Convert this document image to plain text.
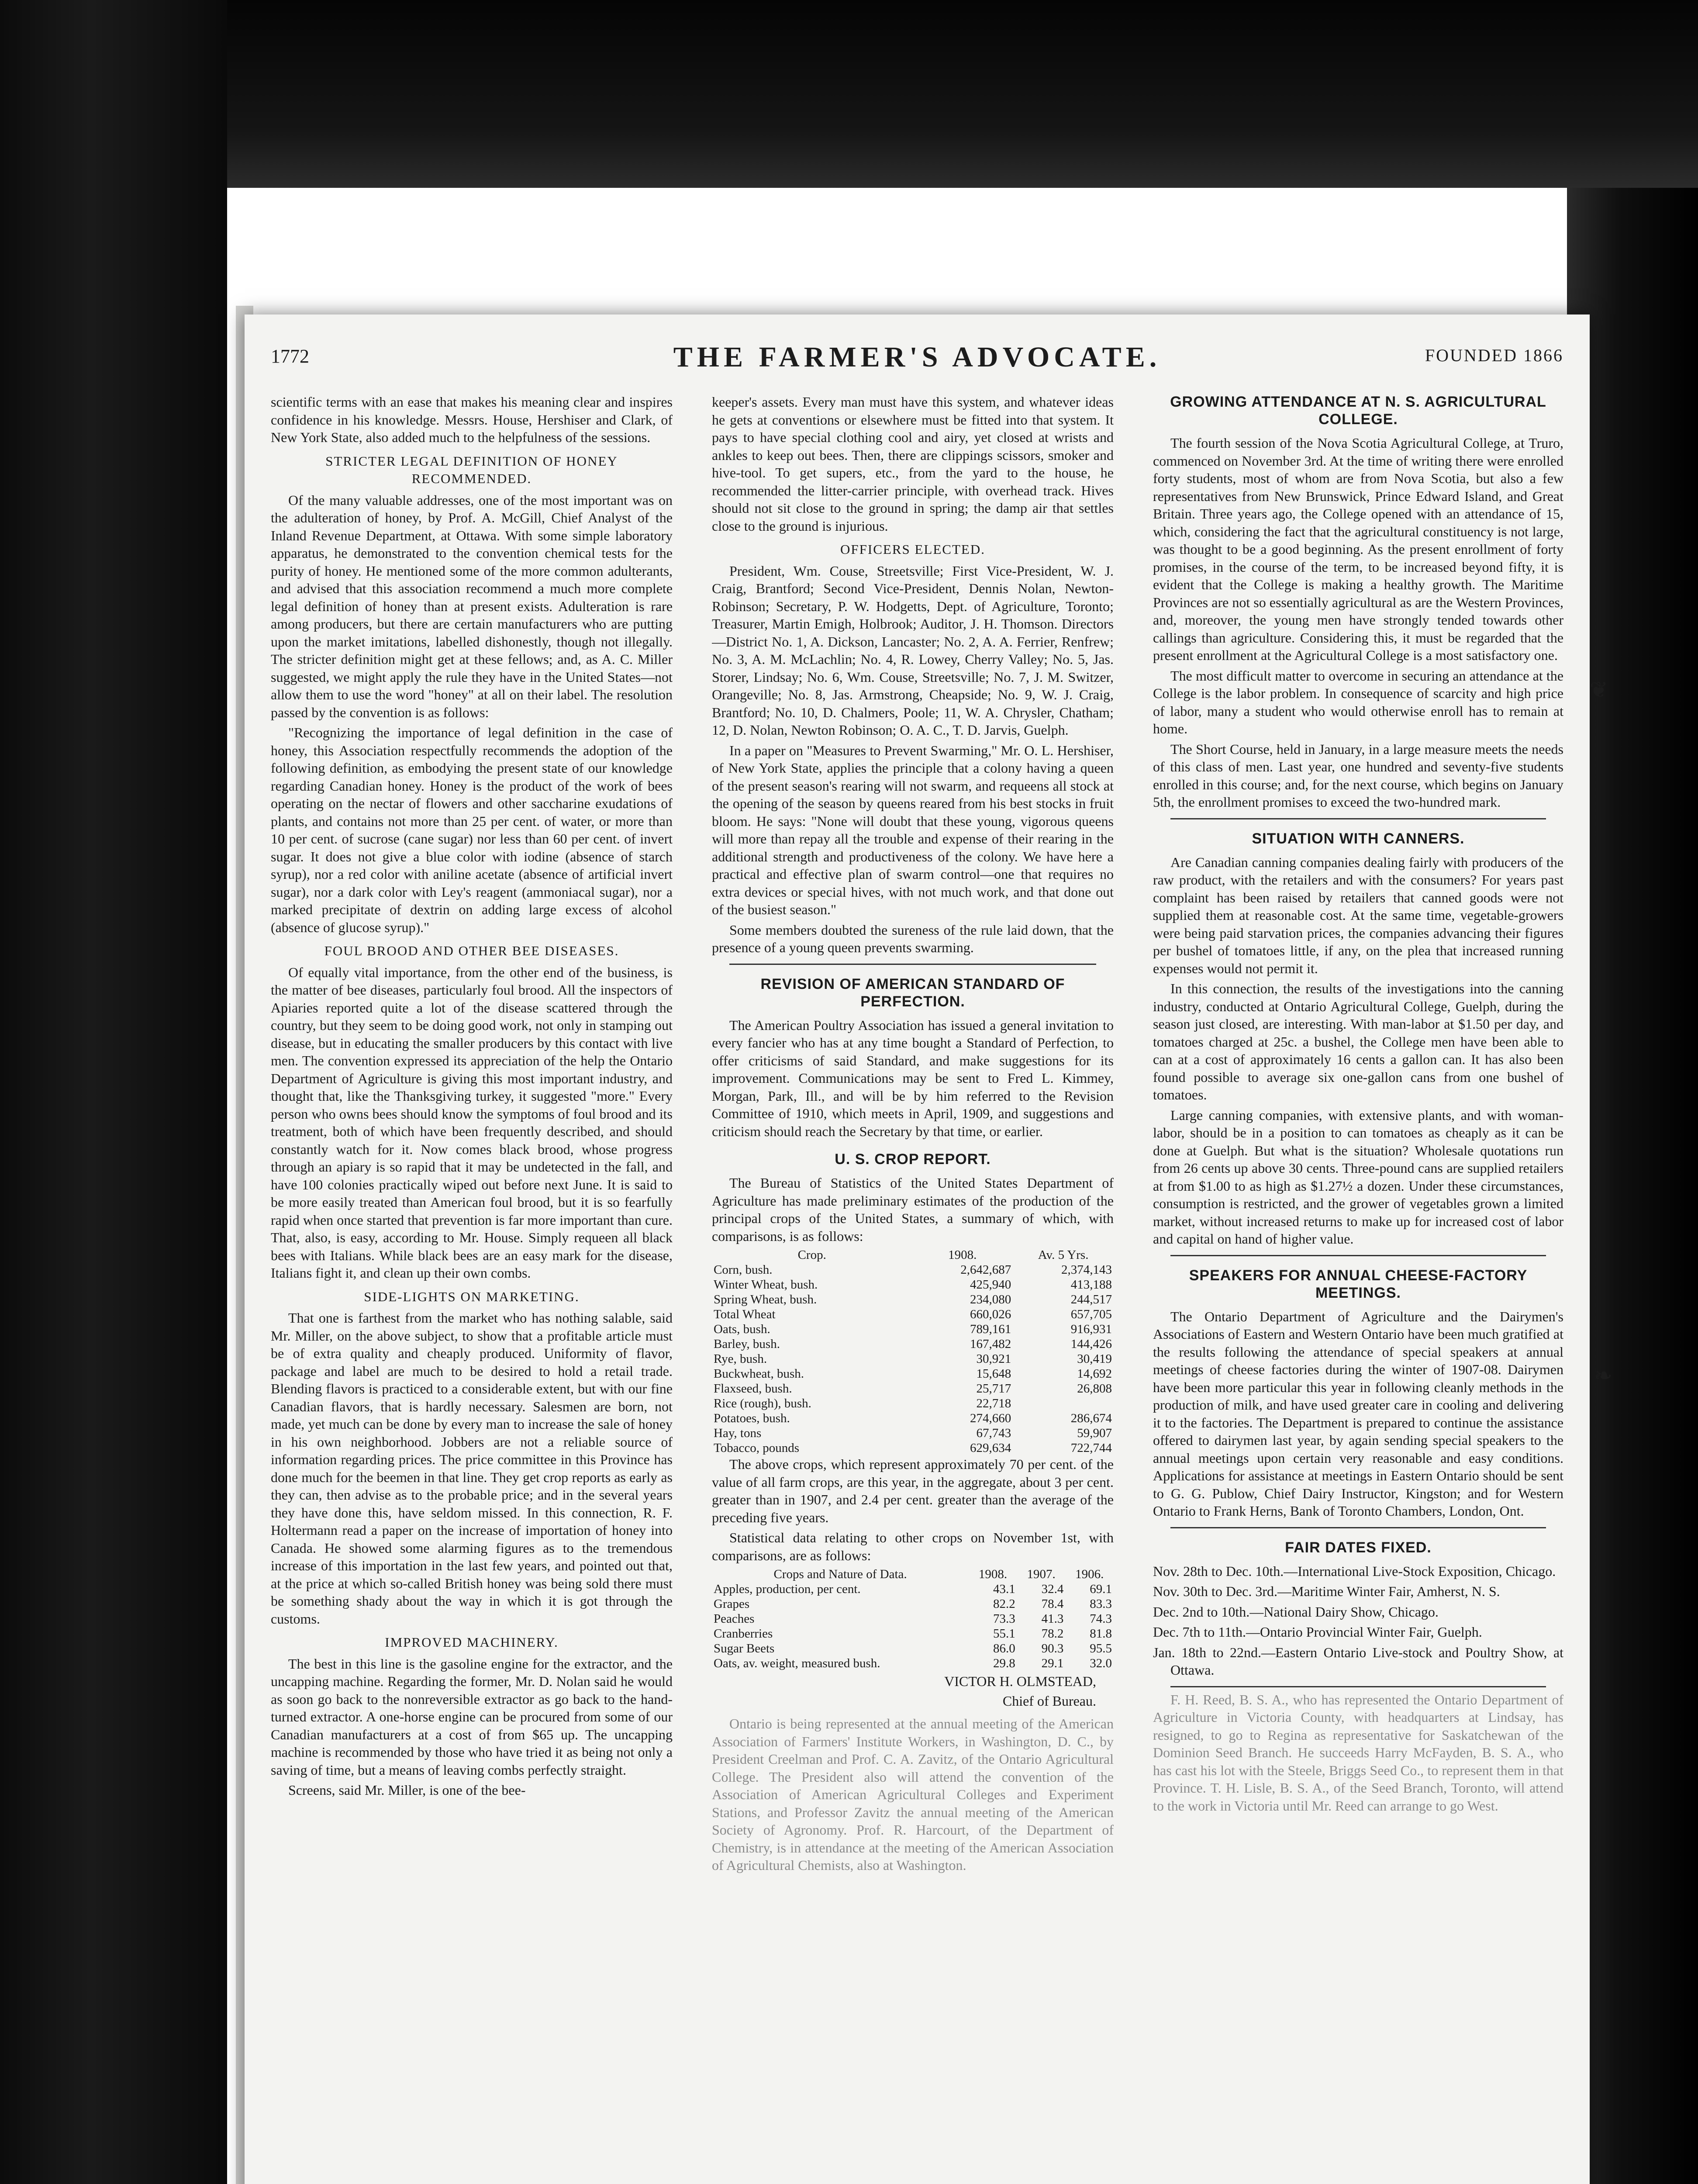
1772	THE FARMER'S ADVOCATE.	FOUNDED 1866

scientific terms with an ease that makes his meaning clear and inspires confidence in his knowledge. Messrs. House, Hershiser and Clark, of New York State, also added much to the helpfulness of the sessions.

STRICTER LEGAL DEFINITION OF HONEY RECOMMENDED.

Of the many valuable addresses, one of the most important was on the adulteration of honey, by Prof. A. McGill, Chief Analyst of the Inland Revenue Department, at Ottawa. With some simple laboratory apparatus, he demonstrated to the convention chemical tests for the purity of honey. He mentioned some of the more common adulterants, and advised that this association recommend a much more complete legal definition of honey than at present exists. Adulteration is rare among producers, but there are certain manufacturers who are putting upon the market imitations, labelled dishonestly, though not illegally. The stricter definition might get at these fellows; and, as A. C. Miller suggested, we might apply the rule they have in the United States—not allow them to use the word "honey" at all on their label. The resolution passed by the convention is as follows:

"Recognizing the importance of legal definition in the case of honey, this Association respectfully recommends the adoption of the following definition, as embodying the present state of our knowledge regarding Canadian honey. Honey is the product of the work of bees operating on the nectar of flowers and other saccharine exudations of plants, and contains not more than 25 per cent. of water, or more than 10 per cent. of sucrose (cane sugar) nor less than 60 per cent. of invert sugar. It does not give a blue color with iodine (absence of starch syrup), nor a red color with aniline acetate (absence of artificial invert sugar), nor a dark color with Ley's reagent (ammoniacal sugar), nor a marked precipitate of dextrin on adding large excess of alcohol (absence of glucose syrup)."

FOUL BROOD AND OTHER BEE DISEASES.

Of equally vital importance, from the other end of the business, is the matter of bee diseases, particularly foul brood. All the inspectors of Apiaries reported quite a lot of the disease scattered through the country, but they seem to be doing good work, not only in stamping out disease, but in educating the smaller producers by this contact with live men. The convention expressed its appreciation of the help the Ontario Department of Agriculture is giving this most important industry, and thought that, like the Thanksgiving turkey, it suggested "more." Every person who owns bees should know the symptoms of foul brood and its treatment, both of which have been frequently described, and should constantly watch for it. Now comes black brood, whose progress through an apiary is so rapid that it may be undetected in the fall, and have 100 colonies practically wiped out before next June. It is said to be more easily treated than American foul brood, but it is so fearfully rapid when once started that prevention is far more important than cure. That, also, is easy, according to Mr. House. Simply requeen all black bees with Italians. While black bees are an easy mark for the disease, Italians fight it, and clean up their own combs.

SIDE-LIGHTS ON MARKETING.

That one is farthest from the market who has nothing salable, said Mr. Miller, on the above subject, to show that a profitable article must be of extra quality and cheaply produced. Uniformity of flavor, package and label are much to be desired to hold a retail trade. Blending flavors is practiced to a considerable extent, but with our fine Canadian flavors, that is hardly necessary. Salesmen are born, not made, yet much can be done by every man to increase the sale of honey in his own neighborhood. Jobbers are not a reliable source of information regarding prices. The price committee in this Province has done much for the beemen in that line. They get crop reports as early as they can, then advise as to the probable price; and in the several years they have done this, have seldom missed. In this connection, R. F. Holtermann read a paper on the increase of importation of honey into Canada. He showed some alarming figures as to the tremendous increase of this importation in the last few years, and pointed out that, at the price at which so-called British honey was being sold there must be something shady about the way in which it is got through the customs.

IMPROVED MACHINERY.

The best in this line is the gasoline engine for the extractor, and the uncapping machine. Regarding the former, Mr. D. Nolan said he would as soon go back to the nonreversible extractor as go back to the hand-turned extractor. A one-horse engine can be procured from some of our Canadian manufacturers at a cost of from $65 up. The uncapping machine is recommended by those who have tried it as being not only a saving of time, but a means of leaving combs perfectly straight.

Screens, said Mr. Miller, is one of the bee-

keeper's assets. Every man must have this system, and whatever ideas he gets at conventions or elsewhere must be fitted into that system. It pays to have special clothing cool and airy, yet closed at wrists and ankles to keep out bees. Then, there are clippings scissors, smoker and hive-tool. To get supers, etc., from the yard to the house, he recommended the litter-carrier principle, with overhead track. Hives should not sit close to the ground in spring; the damp air that settles close to the ground is injurious.

OFFICERS ELECTED.

President, Wm. Couse, Streetsville; First Vice-President, W. J. Craig, Brantford; Second Vice-President, Dennis Nolan, Newton-Robinson; Secretary, P. W. Hodgetts, Dept. of Agriculture, Toronto; Treasurer, Martin Emigh, Holbrook; Auditor, J. H. Thomson. Directors—District No. 1, A. Dickson, Lancaster; No. 2, A. A. Ferrier, Renfrew; No. 3, A. M. McLachlin; No. 4, R. Lowey, Cherry Valley; No. 5, Jas. Storer, Lindsay; No. 6, Wm. Couse, Streetsville; No. 7, J. M. Switzer, Orangeville; No. 8, Jas. Armstrong, Cheapside; No. 9, W. J. Craig, Brantford; No. 10, D. Chalmers, Poole; 11, W. A. Chrysler, Chatham; 12, D. Nolan, Newton Robinson; O. A. C., T. D. Jarvis, Guelph.

In a paper on "Measures to Prevent Swarming," Mr. O. L. Hershiser, of New York State, applies the principle that a colony having a queen of the present season's rearing will not swarm, and requeens all stock at the opening of the season by queens reared from his best stocks in fruit bloom. He says: "None will doubt that these young, vigorous queens will more than repay all the trouble and expense of their rearing in the additional strength and productiveness of the colony. We have here a practical and effective plan of swarm control—one that requires no extra devices or special hives, with not much work, and that done out of the busiest season."

Some members doubted the sureness of the rule laid down, that the presence of a young queen prevents swarming.

REVISION OF AMERICAN STANDARD OF PERFECTION.

The American Poultry Association has issued a general invitation to every fancier who has at any time bought a Standard of Perfection, to offer criticisms of said Standard, and make suggestions for its improvement. Communications may be sent to Fred L. Kimmey, Morgan, Park, Ill., and will be by him referred to the Revision Committee of 1910, which meets in April, 1909, and suggestions and criticism should reach the Secretary by that time, or earlier.

U. S. CROP REPORT.

The Bureau of Statistics of the United States Department of Agriculture has made preliminary estimates of the production of the principal crops of the United States, a summary of which, with comparisons, is as follows:

Crop.	1908.	Av. 5 Yrs.
Corn, bush.	2,642,687	2,374,143
Winter Wheat, bush.	425,940	413,188
Spring Wheat, bush.	234,080	244,517
Total Wheat	660,026	657,705
Oats, bush.	789,161	916,931
Barley, bush.	167,482	144,426
Rye, bush.	30,921	30,419
Buckwheat, bush.	15,648	14,692
Flaxseed, bush.	25,717	26,808
Rice (rough), bush.	22,718	
Potatoes, bush.	274,660	286,674
Hay, tons	67,743	59,907
Tobacco, pounds	629,634	722,744

The above crops, which represent approximately 70 per cent. of the value of all farm crops, are this year, in the aggregate, about 3 per cent. greater than in 1907, and 2.4 per cent. greater than the average of the preceding five years.

Statistical data relating to other crops on November 1st, with comparisons, are as follows:

Crops and Nature of Data.	1908.	1907.	1906.
Apples, production, per cent.	43.1	32.4	69.1
Grapes	82.2	78.4	83.3
Peaches	73.3	41.3	74.3
Cranberries	55.1	78.2	81.8
Sugar Beets	86.0	90.3	95.5
Oats, av. weight, measured bush.	29.8	29.1	32.0
VICTOR H. OLMSTEAD,
Chief of Bureau.

Ontario is being represented at the annual meeting of the American Association of Farmers' Institute Workers, in Washington, D. C., by President Creelman and Prof. C. A. Zavitz, of the Ontario Agricultural College. The President also will attend the convention of the Association of American Agricultural Colleges and Experiment Stations, and Professor Zavitz the annual meeting of the American Society of Agronomy. Prof. R. Harcourt, of the Department of Chemistry, is in attendance at the meeting of the American Association of Agricultural Chemists, also at Washington.

GROWING ATTENDANCE AT N. S. AGRICULTURAL COLLEGE.

The fourth session of the Nova Scotia Agricultural College, at Truro, commenced on November 3rd. At the time of writing there were enrolled forty students, most of whom are from Nova Scotia, but also a few representatives from New Brunswick, Prince Edward Island, and Great Britain. Three years ago, the College opened with an attendance of 15, which, considering the fact that the agricultural constituency is not large, was thought to be a good beginning. As the present enrollment of forty promises, in the course of the term, to be increased beyond fifty, it is evident that the College is making a healthy growth. The Maritime Provinces are not so essentially agricultural as are the Western Provinces, and, moreover, the young men have strongly tended towards other callings than agriculture. Considering this, it must be regarded that the present enrollment at the Agricultural College is a most satisfactory one.

The most difficult matter to overcome in securing an attendance at the College is the labor problem. In consequence of scarcity and high price of labor, many a student who would otherwise enroll has to remain at home.

The Short Course, held in January, in a large measure meets the needs of this class of men. Last year, one hundred and seventy-five students enrolled in this course; and, for the next course, which begins on January 5th, the enrollment promises to exceed the two-hundred mark.

SITUATION WITH CANNERS.

Are Canadian canning companies dealing fairly with producers of the raw product, with the retailers and with the consumers? For years past complaint has been raised by retailers that canned goods were not supplied them at reasonable cost. At the same time, vegetable-growers were being paid starvation prices, the companies advancing their figures per bushel of tomatoes little, if any, on the plea that increased running expenses would not permit it.

In this connection, the results of the investigations into the canning industry, conducted at Ontario Agricultural College, Guelph, during the season just closed, are interesting. With man-labor at $1.50 per day, and tomatoes charged at 25c. a bushel, the College men have been able to can at a cost of approximately 16 cents a gallon can. It has also been found possible to average six one-gallon cans from one bushel of tomatoes.

Large canning companies, with extensive plants, and with woman-labor, should be in a position to can tomatoes as cheaply as it can be done at Guelph. But what is the situation? Wholesale quotations run from 26 cents up above 30 cents. Three-pound cans are supplied retailers at from $1.00 to as high as $1.27½ a dozen. Under these circumstances, consumption is restricted, and the grower of vegetables grown a limited market, without increased returns to make up for increased cost of labor and capital on hand of higher value.

SPEAKERS FOR ANNUAL CHEESE-FACTORY MEETINGS.

The Ontario Department of Agriculture and the Dairymen's Associations of Eastern and Western Ontario have been much gratified at the results following the attendance of special speakers at annual meetings of cheese factories during the winter of 1907-08. Dairymen have been more particular this year in following cleanly methods in the production of milk, and have used greater care in cooling and delivering it to the factories. The Department is prepared to continue the assistance offered to dairymen last year, by again sending special speakers to the annual meetings upon certain very reasonable and easy conditions. Applications for assistance at meetings in Eastern Ontario should be sent to G. G. Publow, Chief Dairy Instructor, Kingston; and for Western Ontario to Frank Herns, Bank of Toronto Chambers, London, Ont.

FAIR DATES FIXED.
Nov. 28th to Dec. 10th.—International Live-Stock Exposition, Chicago.
Nov. 30th to Dec. 3rd.—Maritime Winter Fair, Amherst, N. S.
Dec. 2nd to 10th.—National Dairy Show, Chicago.
Dec. 7th to 11th.—Ontario Provincial Winter Fair, Guelph.
Jan. 18th to 22nd.—Eastern Ontario Live-stock and Poultry Show, at Ottawa.

F. H. Reed, B. S. A., who has represented the Ontario Department of Agriculture in Victoria County, with headquarters at Lindsay, has resigned, to go to Regina as representative for Saskatchewan of the Dominion Seed Branch. He succeeds Harry McFayden, B. S. A., who has cast his lot with the Steele, Briggs Seed Co., to represent them in that Province. T. H. Lisle, B. S. A., of the Seed Branch, Toronto, will attend to the work in Victoria until Mr. Reed can arrange to go West.

❦
❧
